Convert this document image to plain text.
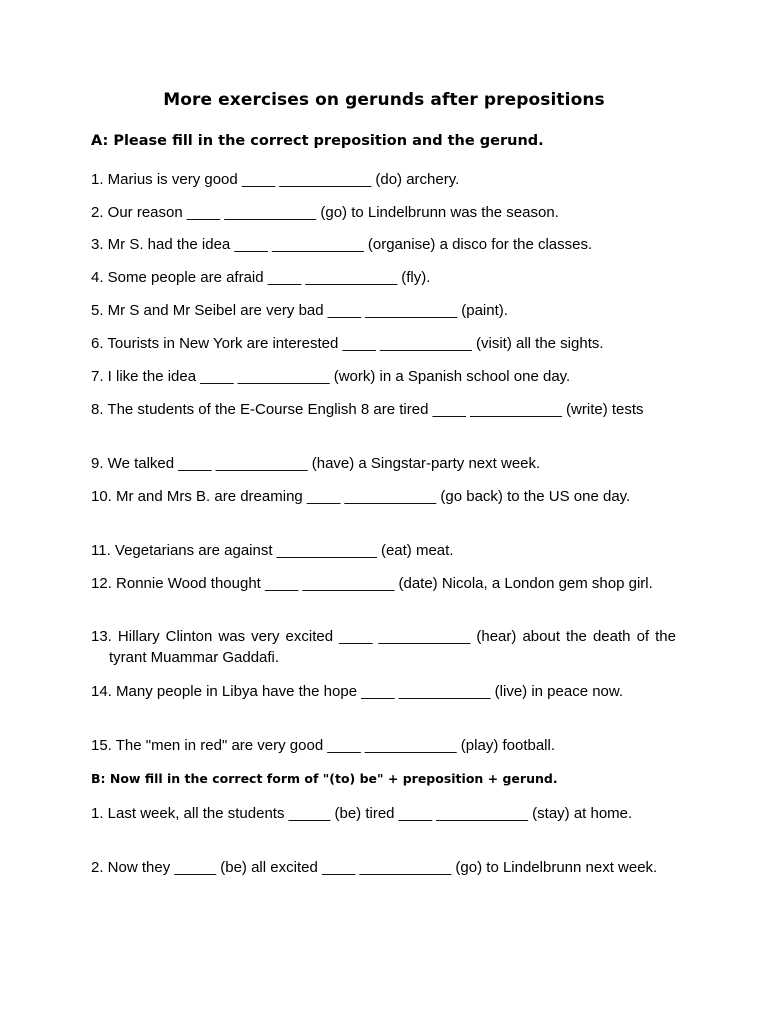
More exercises on gerunds after prepositions
A: Please fill in the correct preposition and the gerund.
1. Marius is very good ____ ___________ (do) archery.
2. Our reason ____ ___________ (go) to Lindelbrunn was the season.
3. Mr S. had the idea ____ ___________ (organise) a disco for the classes.
4. Some people are afraid ____ ___________ (fly).
5. Mr S and Mr Seibel are very bad ____ ___________ (paint).
6. Tourists in New York are interested ____ ___________ (visit) all the sights.
7. I like the idea ____ ___________ (work) in a Spanish school one day.
8. The students of the E-Course English 8 are tired ____ ___________ (write) tests
9. We talked ____ ___________ (have) a Singstar-party next week.
10. Mr and Mrs B. are dreaming ____ ___________ (go back) to the US one day.
11. Vegetarians are against ____________ (eat) meat.
12. Ronnie Wood thought ____ ___________ (date) Nicola, a London gem shop girl.
13. Hillary Clinton was very excited ____ ___________ (hear) about the death of the tyrant Muammar Gaddafi.
14. Many people in Libya have the hope ____ ___________ (live) in peace now.
15. The "men in red" are very good ____ ___________ (play) football.
B: Now fill in the correct form of "(to) be" + preposition + gerund.
1. Last week, all the students _____ (be) tired ____ ___________ (stay) at home.
2. Now they _____ (be) all excited ____ ___________ (go) to Lindelbrunn next week.
